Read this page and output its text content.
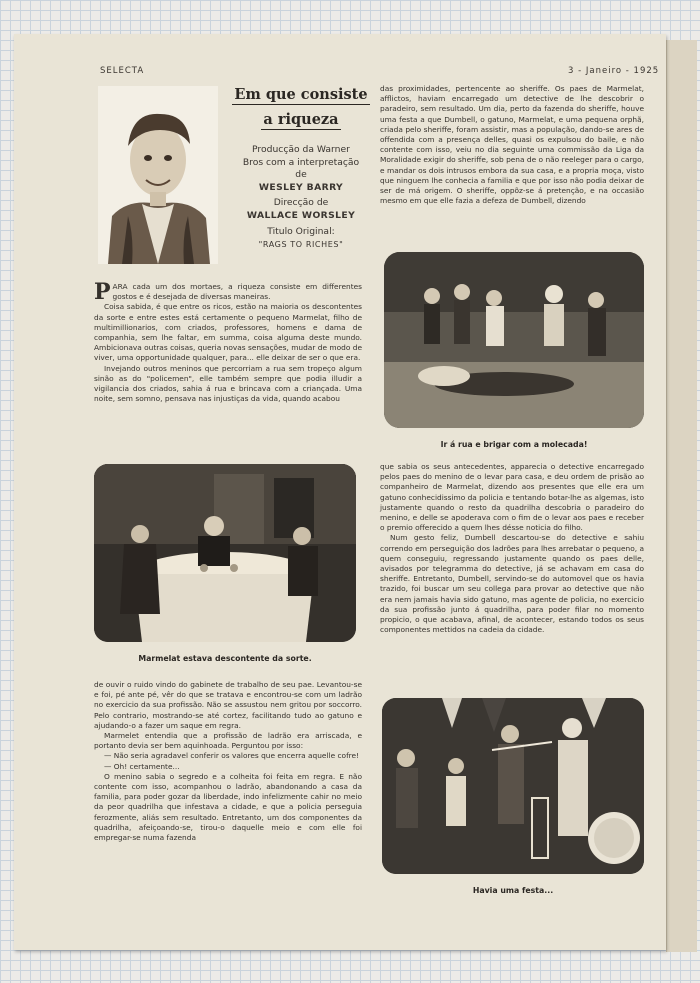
SELECTA	3 - Janeiro - 1925
Em que consiste
a riqueza
Producção da Warner
Bros com a interpretação
de
WESLEY BARRY
Direcção de
WALLACE WORSLEY
Titulo Original:
"RAGS TO RICHES"

PARA cada um dos mortaes, a riqueza consiste em differentes gostos e é desejada de diversas maneiras.

Coisa sabida, é que entre os ricos, estão na maioria os descontentes da sorte e entre estes está certamente o pequeno Marmelat, filho de multimillionarios, com criados, professores, homens e dama de companhia, sem lhe faltar, em summa, coisa alguma deste mundo. Ambicionava outras coisas, queria novas sensações, mudar de modo de viver, uma opportunidade qualquer, para... elle deixar de ser o que era.

Invejando outros meninos que percorriam a rua sem tropeço algum sinão as do "policemen", elle também sempre que podia illudir a vigilancia dos criados, sahia á rua e brincava com a criançada. Uma noite, sem somno, pensava nas injustiças da vida, quando acabou

Marmelat estava descontente da sorte.

de ouvir o ruido vindo do gabinete de trabalho de seu pae. Levantou-se e foi, pé ante pé, vêr do que se tratava e encontrou-se com um ladrão no exercicio da sua profissão. Não se assustou nem gritou por soccorro. Pelo contrario, mostrando-se até cortez, facilitando tudo ao gatuno e ajudando-o a fazer um saque em regra.

Marmelet entendia que a profissão de ladrão era arriscada, e portanto devia ser bem aquinhoada. Perguntou por isso:

— Não seria agradavel conferir os valores que encerra aquelle cofre!

— Oh! certamente...

O menino sabia o segredo e a colheita foi feita em regra. E não contente com isso, acompanhou o ladrão, abandonando a casa da familia, para poder gozar da liberdade, indo infelizmente cahir no meio da peor quadrilha que infestava a cidade, e que a policia perseguia ferozmente, aliás sem resultado. Entretanto, um dos componentes da quadrilha, afeiçoando-se, tirou-o daquelle meio e com elle foi empregar-se numa fazenda

das proximidades, pertencente ao sheriffe. Os paes de Marmelat, afflictos, haviam encarregado um detective de lhe descobrir o paradeiro, sem resultado. Um dia, perto da fazenda do sheriffe, houve uma festa a que Dumbell, o gatuno, Marmelat, e uma pequena orphã, criada pelo sheriffe, foram assistir, mas a população, dando-se ares de offendida com a presença delles, quasi os expulsou do baile, e não contente com isso, veiu no dia seguinte uma commissão da Liga da Moralidade exigir do sheriffe, sob pena de o não reeleger para o cargo, e mandar os dois intrusos embora da sua casa, e a propria moça, visto que ninguem lhe conhecia a familia e que por isso não podia deixar de ser de má origem. O sheriffe, oppõz-se á pretenção, e na occasião mesmo em que elle fazia a defeza de Dumbell, dizendo

Ir á rua e brigar com a molecada!

que sabia os seus antecedentes, apparecia o detective encarregado pelos paes do menino de o levar para casa, e deu ordem de prisão ao companheiro de Marmelat, dizendo aos presentes que elle era um gatuno conhecidissimo da policia e tentando botar-lhe as algemas, isto justamente quando o resto da quadrilha descobria o paradeiro do menino, e delle se apoderava com o fim de o levar aos paes e receber o premio offerecido a quem lhes désse noticia do filho.

Num gesto feliz, Dumbell descartou-se do detective e sahiu correndo em perseguição dos ladrões para lhes arrebatar o pequeno, a quem conseguiu, regressando justamente quando os paes delle, avisados por telegramma do detective, já se achavam em casa do sheriffe. Entretanto, Dumbell, servindo-se do automovel que os havia trazido, foi buscar um seu collega para provar ao detective que não era nem jamais havia sido gatuno, mas agente de policia, no exercicio da sua profissão junto á quadrilha, para poder filar no momento propicio, o que acabava, afinal, de acontecer, estando todos os seus componentes mettidos na cadeia da cidade.

Havia uma festa...
